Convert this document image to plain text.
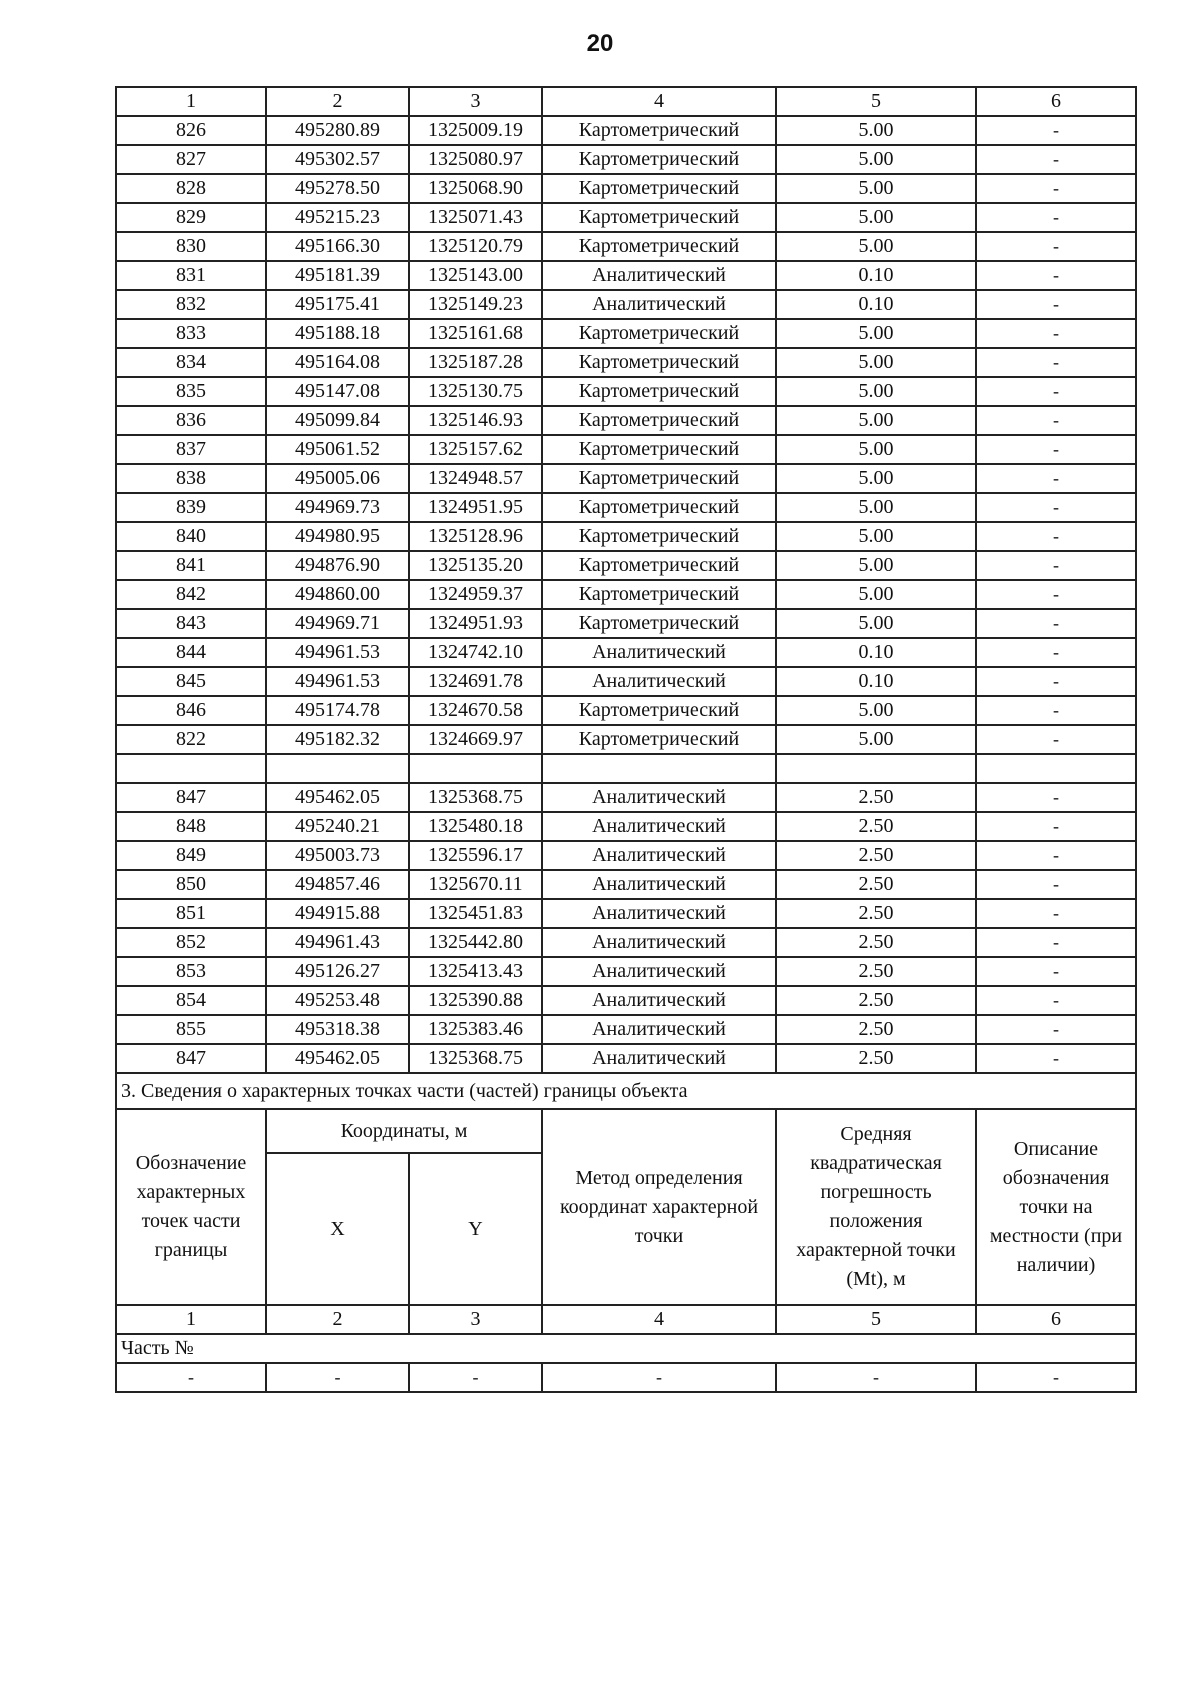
20
1	2	3	4	5	6
826	495280.89	1325009.19	Картометрический	5.00	-
827	495302.57	1325080.97	Картометрический	5.00	-
828	495278.50	1325068.90	Картометрический	5.00	-
829	495215.23	1325071.43	Картометрический	5.00	-
830	495166.30	1325120.79	Картометрический	5.00	-
831	495181.39	1325143.00	Аналитический	0.10	-
832	495175.41	1325149.23	Аналитический	0.10	-
833	495188.18	1325161.68	Картометрический	5.00	-
834	495164.08	1325187.28	Картометрический	5.00	-
835	495147.08	1325130.75	Картометрический	5.00	-
836	495099.84	1325146.93	Картометрический	5.00	-
837	495061.52	1325157.62	Картометрический	5.00	-
838	495005.06	1324948.57	Картометрический	5.00	-
839	494969.73	1324951.95	Картометрический	5.00	-
840	494980.95	1325128.96	Картометрический	5.00	-
841	494876.90	1325135.20	Картометрический	5.00	-
842	494860.00	1324959.37	Картометрический	5.00	-
843	494969.71	1324951.93	Картометрический	5.00	-
844	494961.53	1324742.10	Аналитический	0.10	-
845	494961.53	1324691.78	Аналитический	0.10	-
846	495174.78	1324670.58	Картометрический	5.00	-
822	495182.32	1324669.97	Картометрический	5.00	-

847	495462.05	1325368.75	Аналитический	2.50	-
848	495240.21	1325480.18	Аналитический	2.50	-
849	495003.73	1325596.17	Аналитический	2.50	-
850	494857.46	1325670.11	Аналитический	2.50	-
851	494915.88	1325451.83	Аналитический	2.50	-
852	494961.43	1325442.80	Аналитический	2.50	-
853	495126.27	1325413.43	Аналитический	2.50	-
854	495253.48	1325390.88	Аналитический	2.50	-
855	495318.38	1325383.46	Аналитический	2.50	-
847	495462.05	1325368.75	Аналитический	2.50	-
3. Сведения о характерных точках части (частей) границы объекта					
Обозначение характерных точек части границы	Координаты, м		Метод определения координат характерной точки	Средняя квадратическая погрешность положения характерной точки (Mt), м	Описание обозначения точки на местности (при наличии)
	X	Y			
1	2	3	4	5	6
Часть №					
-	-	-	-	-	-
